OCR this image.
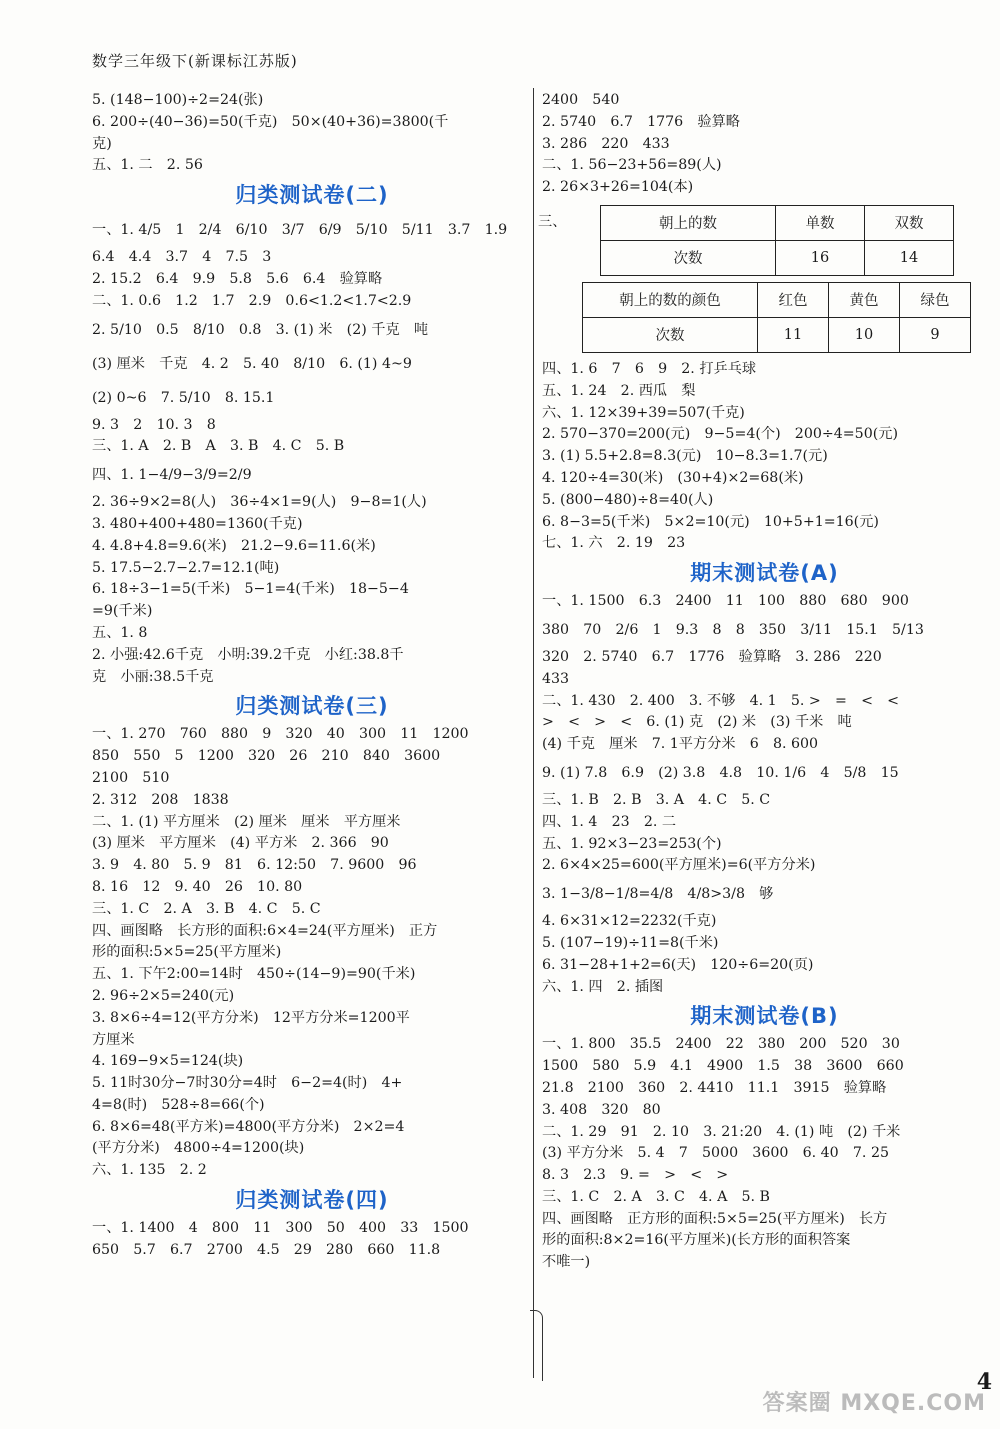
数学三年级下(新课标江苏版)
5. (148−100)÷2=24(张)
6. 200÷(40−36)=50(千克)　50×(40+36)=3800(千
克)
五、1. 二　2. 56
归类测试卷(二)
一、1. 4/5　1　2/4　6/10　3/7　6/9　5/10　5/11　3.7　1.9
6.4　4.4　3.7　4　7.5　3
2. 15.2　6.4　9.9　5.8　5.6　6.4　验算略
二、1. 0.6　1.2　1.7　2.9　0.6<1.2<1.7<2.9
2. 5/10　0.5　8/10　0.8　3. (1) 米　(2) 千克　吨
(3) 厘米　千克　4. 2　5. 40　8/10　6. (1) 4~9
(2) 0~6　7. 5/10　8. 15.1
9. 3　2　10. 3　8
三、1. A　2. B　A　3. B　4. C　5. B
四、1. 1−4/9−3/9=2/9
2. 36÷9×2=8(人)　36÷4×1=9(人)　9−8=1(人)
3. 480+400+480=1360(千克)
4. 4.8+4.8=9.6(米)　21.2−9.6=11.6(米)
5. 17.5−2.7−2.7=12.1(吨)
6. 18÷3−1=5(千米)　5−1=4(千米)　18−5−4
=9(千米)
五、1. 8
2. 小强:42.6千克　小明:39.2千克　小红:38.8千
克　小丽:38.5千克
归类测试卷(三)
一、1. 270　760　880　9　320　40　300　11　1200
850　550　5　1200　320　26　210　840　3600
2100　510
2. 312　208　1838
二、1. (1) 平方厘米　(2) 厘米　厘米　平方厘米
(3) 厘米　平方厘米　(4) 平方米　2. 366　90
3. 9　4. 80　5. 9　81　6. 12:50　7. 9600　96
8. 16　12　9. 40　26　10. 80
三、1. C　2. A　3. B　4. C　5. C
四、画图略　长方形的面积:6×4=24(平方厘米)　正方
形的面积:5×5=25(平方厘米)
五、1. 下午2:00=14时　450÷(14−9)=90(千米)
2. 96÷2×5=240(元)
3. 8×6÷4=12(平方分米)　12平方分米=1200平
方厘米
4. 169−9×5=124(块)
5. 11时30分−7时30分=4时　6−2=4(时)　4+
4=8(时)　528÷8=66(个)
6. 8×6=48(平方米)=4800(平方分米)　2×2=4
(平方分米)　4800÷4=1200(块)
六、1. 135　2. 2
归类测试卷(四)
一、1. 1400　4　800　11　300　50　400　33　1500
650　5.7　6.7　2700　4.5　29　280　660　11.8
2400　540
2. 5740　6.7　1776　验算略
3. 286　220　433
二、1. 56−23+56=89(人)
2. 26×3+26=104(本)
三、	朝上的数	单数	双数
次数	16	14
朝上的数的颜色	红色	黄色	绿色
次数	11	10	9
四、1. 6　7　6　9　2. 打乒乓球
五、1. 24　2. 西瓜　梨
六、1. 12×39+39=507(千克)
2. 570−370=200(元)　9−5=4(个)　200÷4=50(元)
3. (1) 5.5+2.8=8.3(元)　10−8.3=1.7(元)
4. 120÷4=30(米)　(30+4)×2=68(米)
5. (800−480)÷8=40(人)
6. 8−3=5(千米)　5×2=10(元)　10+5+1=16(元)
七、1. 六　2. 19　23
期末测试卷(A)
一、1. 1500　6.3　2400　11　100　880　680　900
380　70　2/6　1　9.3　8　8　350　3/11　15.1　5/13
320　2. 5740　6.7　1776　验算略　3. 286　220
433
二、1. 430　2. 400　3. 不够　4. 1　5. >　=　<　<
>　<　>　<　6. (1) 克　(2) 米　(3) 千米　吨
(4) 千克　厘米　7. 1平方分米　6　8. 600
9. (1) 7.8　6.9　(2) 3.8　4.8　10. 1/6　4　5/8　15
三、1. B　2. B　3. A　4. C　5. C
四、1. 4　23　2. 二
五、1. 92×3−23=253(个)
2. 6×4×25=600(平方厘米)=6(平方分米)
3. 1−3/8−1/8=4/8　4/8>3/8　够
4. 6×31×12=2232(千克)
5. (107−19)÷11=8(千米)
6. 31−28+1+2=6(天)　120÷6=20(页)
六、1. 四　2. 插图
期末测试卷(B)
一、1. 800　35.5　2400　22　380　200　520　30
1500　580　5.9　4.1　4900　1.5　38　3600　660
21.8　2100　360　2. 4410　11.1　3915　验算略
3. 408　320　80
二、1. 29　91　2. 10　3. 21:20　4. (1) 吨　(2) 千米
(3) 平方分米　5. 4　7　5000　3600　6. 40　7. 25
8. 3　2.3　9. =　>　<　>
三、1. C　2. A　3. C　4. A　5. B
四、画图略　正方形的面积:5×5=25(平方厘米)　长方
形的面积:8×2=16(平方厘米)(长方形的面积答案
不唯一)
4
答案圈 MXQE.COM
